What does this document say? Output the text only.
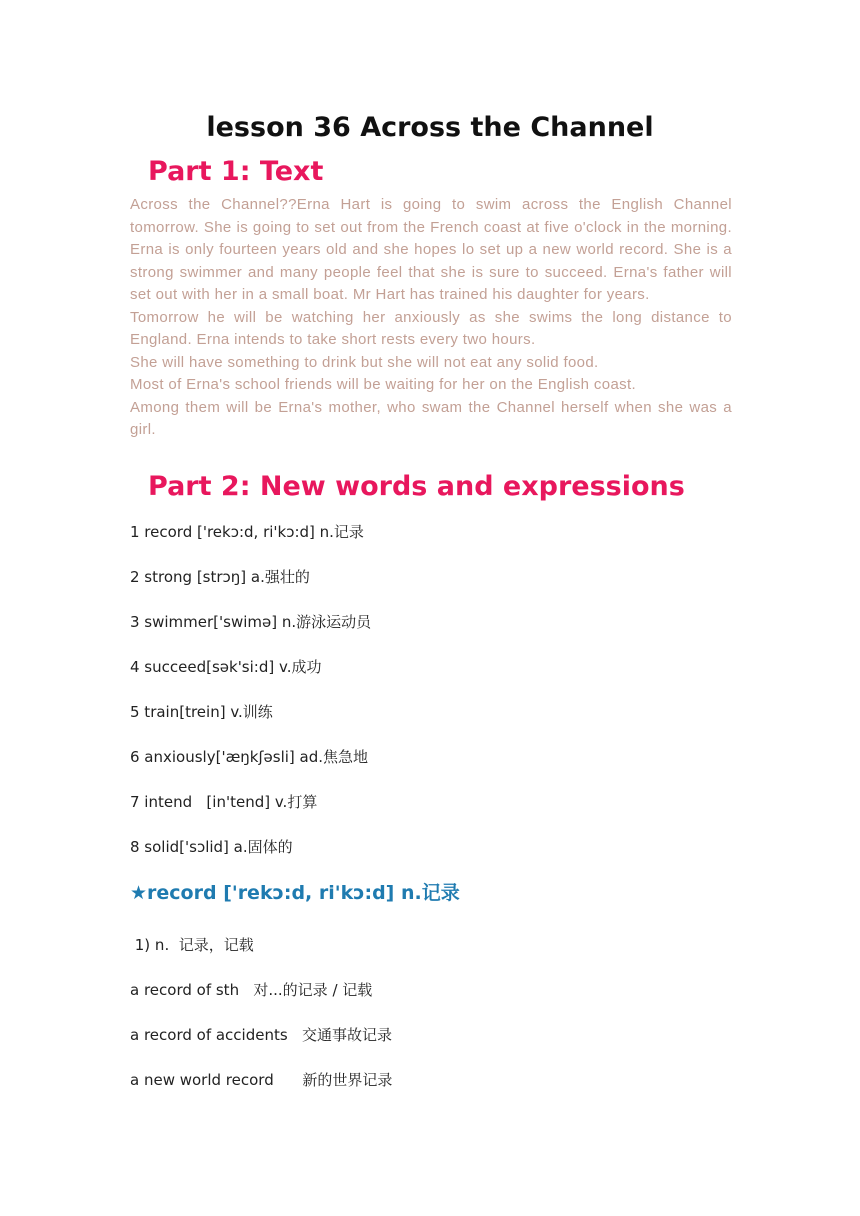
lesson 36 Across the Channel
Part 1: Text

Across the Channel??Erna Hart is going to swim across the English Channel tomorrow. She is going to set out from the French coast at five o'clock in the morning. Erna is only fourteen years old and she hopes lo set up a new world record. She is a strong swimmer and many people feel that she is sure to succeed. Erna's father will set out with her in a small boat. Mr Hart has trained his daughter for years.

Tomorrow he will be watching her anxiously as she swims the long distance to England. Erna intends to take short rests every two hours.

She will have something to drink but she will not eat any solid food.

Most of Erna's school friends will be waiting for her on the English coast.

Among them will be Erna's mother, who swam the Channel herself when she was a girl.

Part 2: New words and expressions

1 record ['rekɔ:d, ri'kɔ:d] n.记录

2 strong [strɔŋ] a.强壮的

3 swimmer['swimə] n.游泳运动员

4 succeed[sək'si:d] v.成功

5 train[trein] v.训练

6 anxiously['æŋkʃəsli] ad.焦急地

7 intend   [in'tend] v.打算

8 solid['sɔlid] a.固体的

★record ['rekɔ:d, ri'kɔ:d] n.记录

1) n.  记录，记载

a record of sth   对...的记录 / 记载

a record of accidents   交通事故记录

a new world record      新的世界记录
